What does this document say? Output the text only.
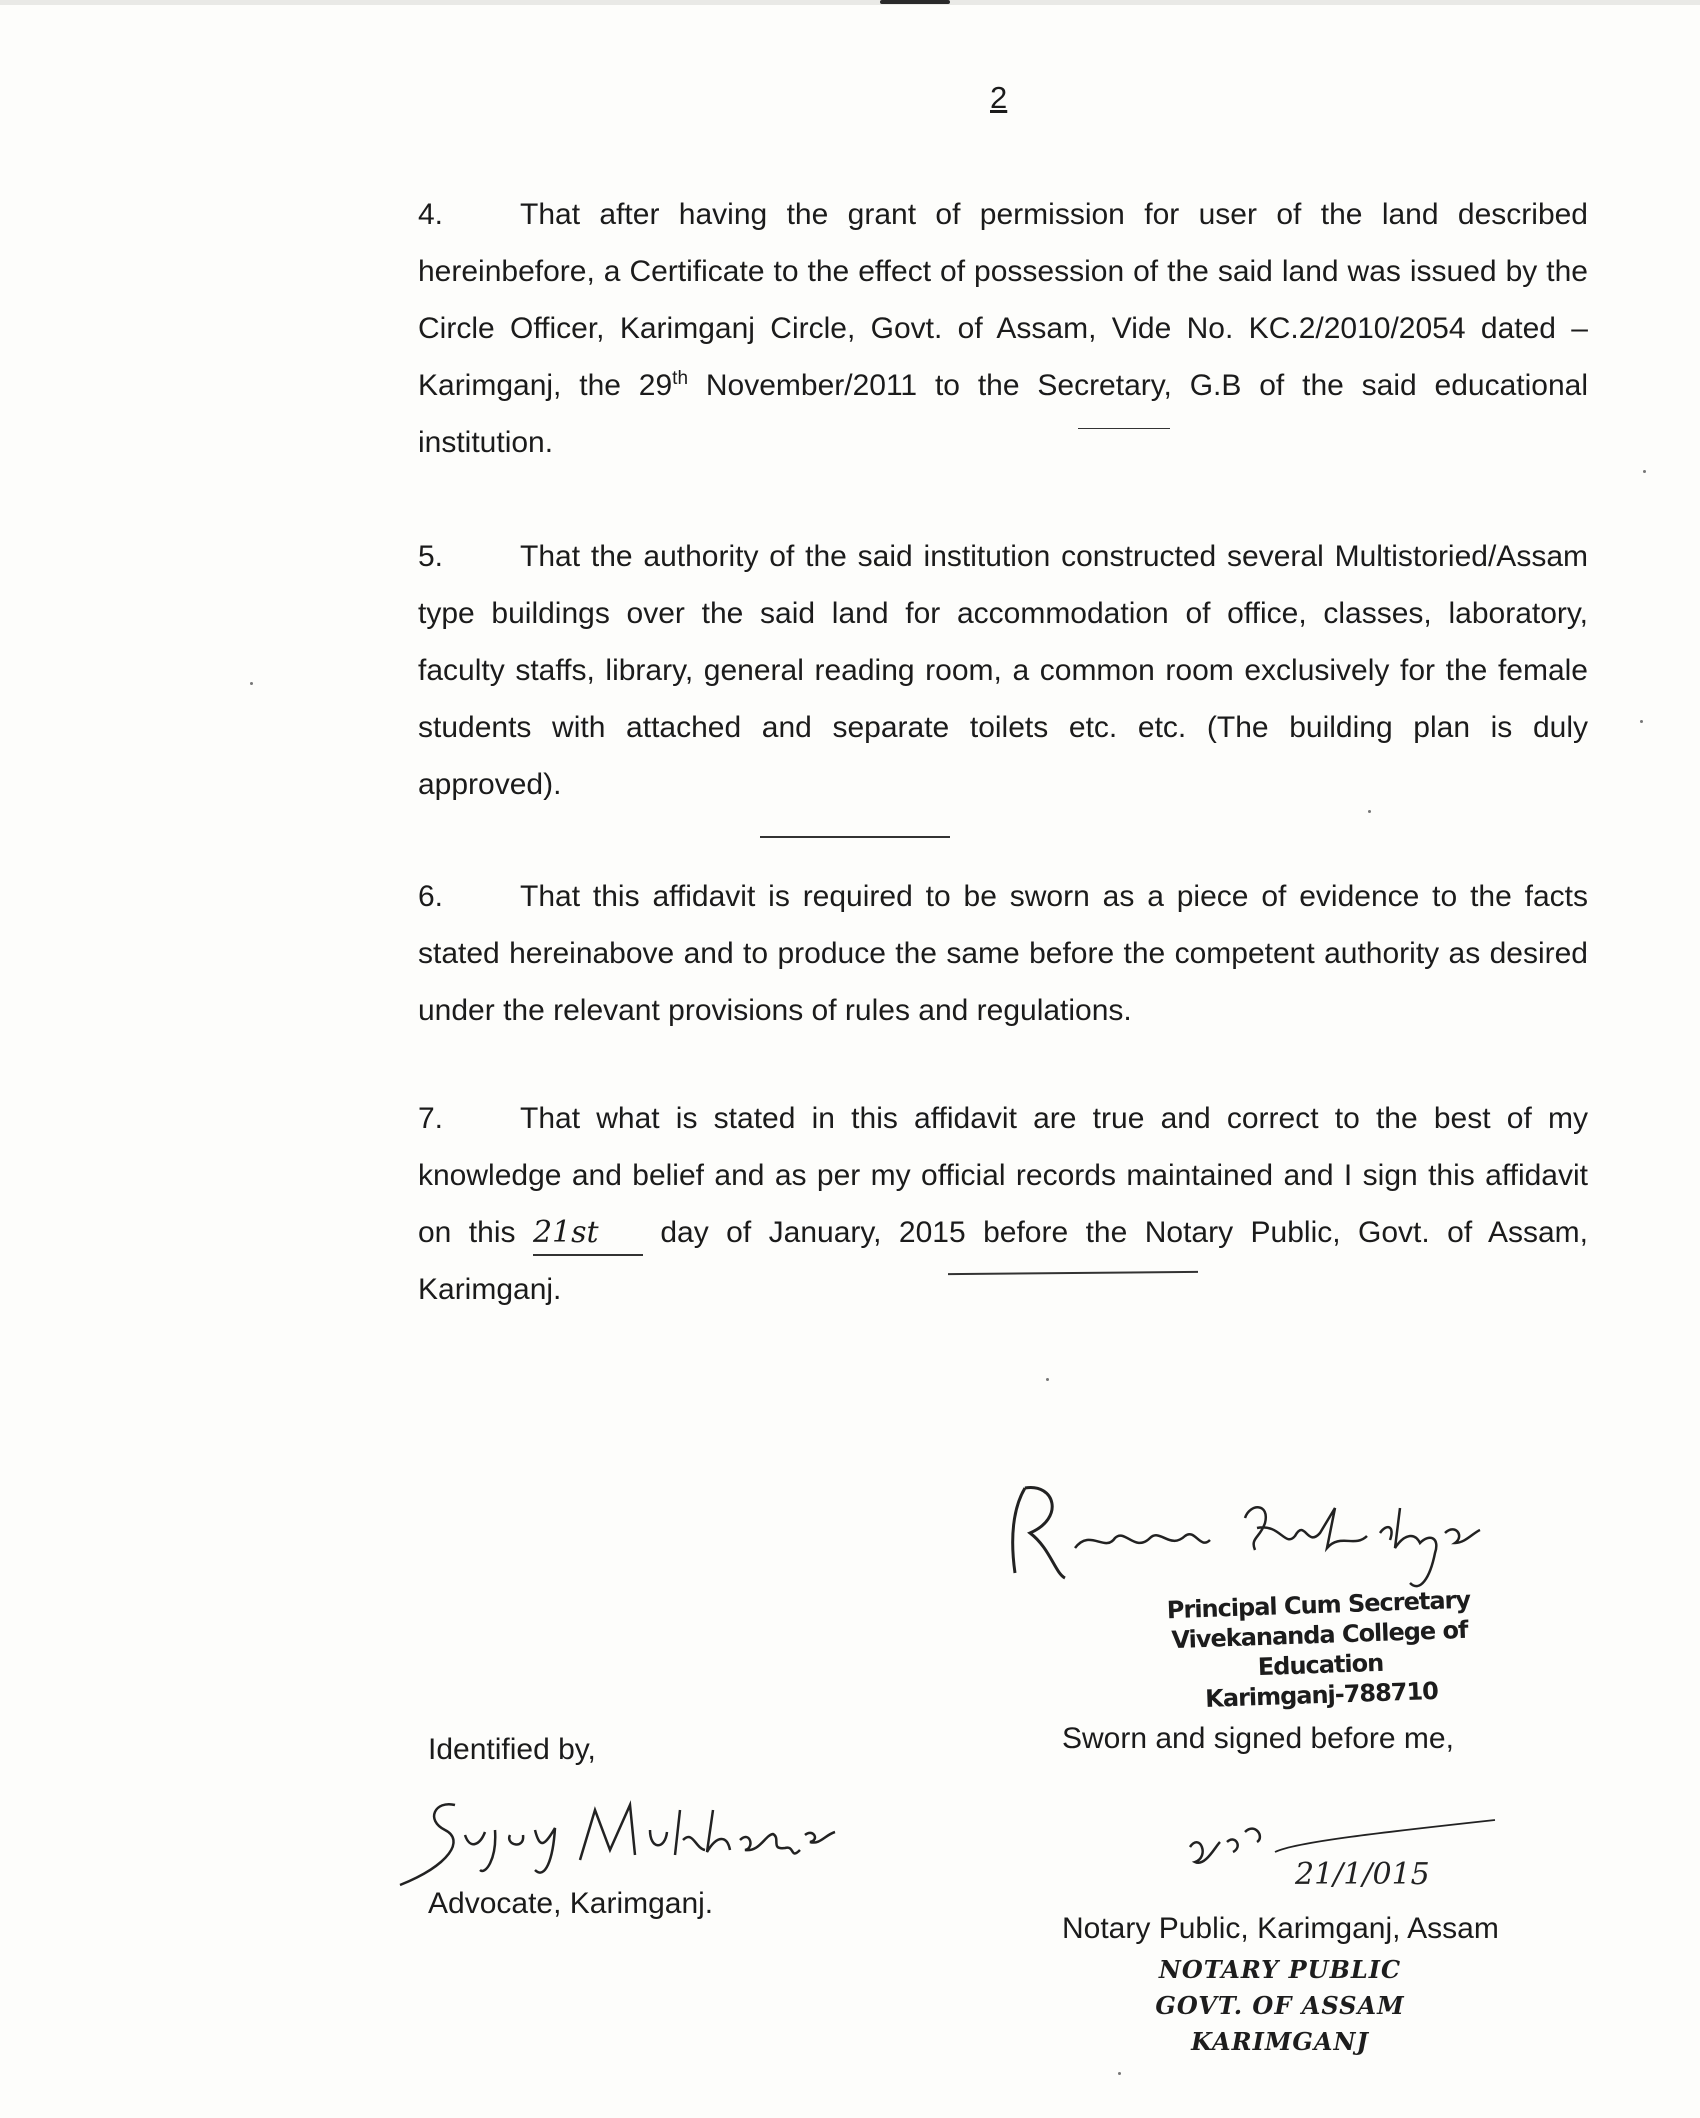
2

4.	That after having the grant of permission for user of the land described hereinbefore, a Certificate to the effect of possession of the said land was issued by the Circle Officer, Karimganj Circle, Govt. of Assam, Vide No. KC.2/2010/2054 dated – Karimganj, the 29th November/2011 to the Secretary, G.B of the said educational institution.

5.	That the authority of the said institution constructed several Multistoried/Assam type buildings over the said land for accommodation of office, classes, laboratory, faculty staffs, library, general reading room, a common room exclusively for the female students with attached and separate toilets etc. etc. (The building plan is duly approved).

6.	That this affidavit is required to be sworn as a piece of evidence to the facts stated hereinabove and to produce the same before the competent authority as desired under the relevant provisions of rules and regulations.

7.	That what is stated in this affidavit are true and correct to the best of my knowledge and belief and as per my official records maintained and I sign this affidavit on this 21st day of January, 2015 before the Notary Public, Govt. of Assam, Karimganj.

Principal Cum Secretary
Vivekananda College of Education
Karimganj-788710
Sworn and signed before me,
Identified by,
Advocate, Karimganj.
21/1/015
Notary Public, Karimganj, Assam
NOTARY PUBLIC
GOVT. OF ASSAM
KARIMGANJ
